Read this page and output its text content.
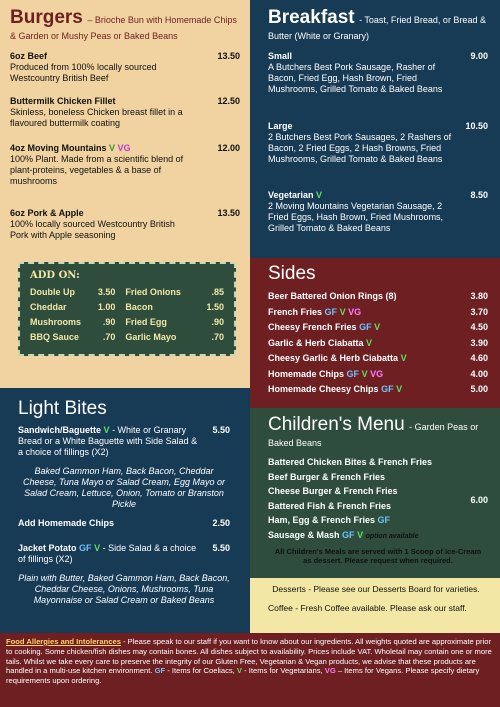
Burgers – Brioche Bun with Homemade Chips & Garden or Mushy Peas or Baked Beans
6oz Beef	13.50
Produced from 100% locally sourced Westcountry British Beef
Buttermilk Chicken Fillet	12.50
Skinless, boneless Chicken breast fillet in a flavoured buttermilk coating
4oz Moving Mountains V VG	12.00
100% Plant. Made from a scientific blend of plant-proteins, vegetables & a base of mushrooms
6oz Pork & Apple	13.50
100% locally sourced Westcountry British Pork with Apple seasoning
ADD ON:
Double Up	3.50	Fried Onions	.85
Cheddar	1.00	Bacon	1.50
Mushrooms	.90	Fried Egg	.90
BBQ Sauce	.70	Garlic Mayo	.70
Breakfast - Toast, Fried Bread, or Bread & Butter (White or Granary)
Small	9.00
A Butchers Best Pork Sausage, Rasher of Bacon, Fried Egg, Hash Brown, Fried Mushrooms, Grilled Tomato & Baked Beans
Large	10.50
2 Butchers Best Pork Sausages, 2 Rashers of Bacon, 2 Fried Eggs, 2 Hash Browns, Fried Mushrooms, Grilled Tomato & Baked Beans
Vegetarian V	8.50
2 Moving Mountains Vegetarian Sausage, 2 Fried Eggs, Hash Brown, Fried Mushrooms, Grilled Tomato & Baked Beans
Sides
Beer Battered Onion Rings (8)	3.80
French Fries GF V VG	3.70
Cheesy French Fries GF V	4.50
Garlic & Herb Ciabatta V	3.90
Cheesy Garlic & Herb Ciabatta V	4.60
Homemade Chips GF V VG	4.00
Homemade Cheesy Chips GF V	5.00
Light Bites
Sandwich/Baguette V - White or Granary Bread or a White Baguette with Side Salad & a choice of fillings (X2)
5.50
Baked Gammon Ham, Back Bacon, Cheddar Cheese, Tuna Mayo or Salad Cream, Egg Mayo or Salad Cream, Lettuce, Onion, Tomato or Branston Pickle
Add Homemade Chips	2.50
Jacket Potato GF V - Side Salad & a choice of fillings (X2)
5.50
Plain with Butter, Baked Gammon Ham, Back Bacon, Cheddar Cheese, Onions, Mushrooms, Tuna Mayonnaise or Salad Cream or Baked Beans
Children's Menu - Garden Peas or Baked Beans
Battered Chicken Bites & French Fries
Beef Burger & French Fries
Cheese Burger & French Fries
Battered Fish & French Fries
Ham, Egg & French Fries GF
Sausage & Mash GF V option available
6.00
All Children's Meals are served with 1 Scoop of Ice-Cream as dessert. Please request when required.
Desserts - Please see our Desserts Board for varieties.
Coffee - Fresh Coffee available. Please ask our staff.
Food Allergies and Intolerances - Please speak to our staff if you want to know about our ingredients. All weights quoted are approximate prior to cooking. Some chicken/fish dishes may contain bones. All dishes subject to availability. Prices include VAT. Wholetail may contain one or more tails. Whilst we take every care to preserve the integrity of our Gluten Free, Vegetarian & Vegan products, we advise that these products are handled in a multi-use kitchen environment. GF - Items for Coeliacs, V - Items for Vegetarians, VG – Items for Vegans. Please specify dietary requirements upon ordering.
